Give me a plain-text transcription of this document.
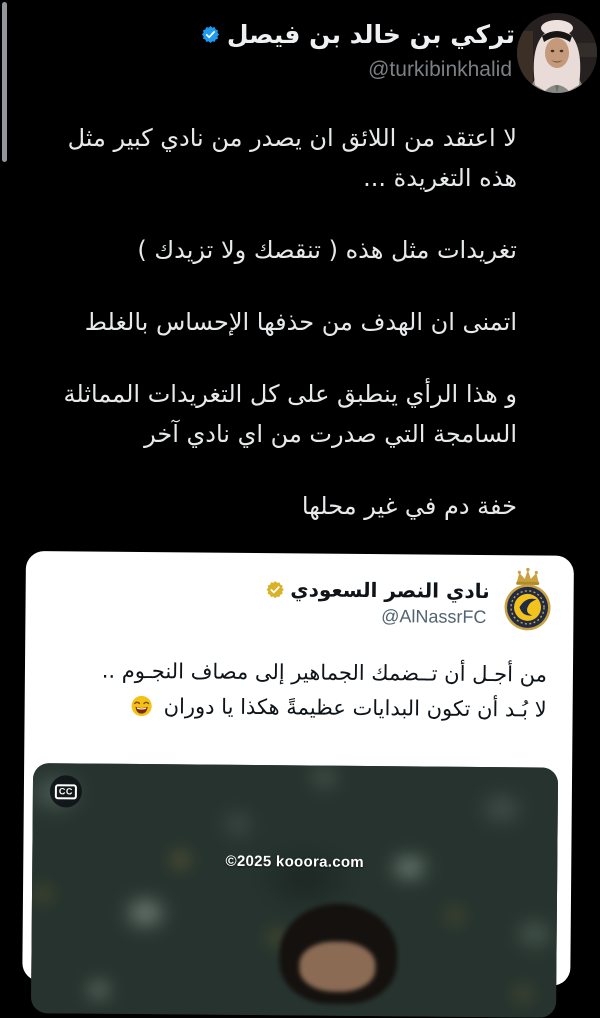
تركي بن خالد بن فيصل
@turkibinkhalid

لا اعتقد من اللائق ان يصدر من نادي كبير مثل هذه التغريدة ...

تغريدات مثل هذه ( تنقصك ولا تزيدك )

اتمنى ان الهدف من حذفها الإحساس بالغلط

و هذا الرأي ينطبق على كل التغريدات المماثلة السامجة التي صدرت من اي نادي آخر

خفة دم في غير محلها

نادي النصر السعودي
@AlNassrFC
من أجـل أن تــضمك الجماهير إلى مصاف النجـوم ..
لا بُـد أن تكون البدايات عظيمةً هكذا يا دوران
©2025 kooora.com
CC
